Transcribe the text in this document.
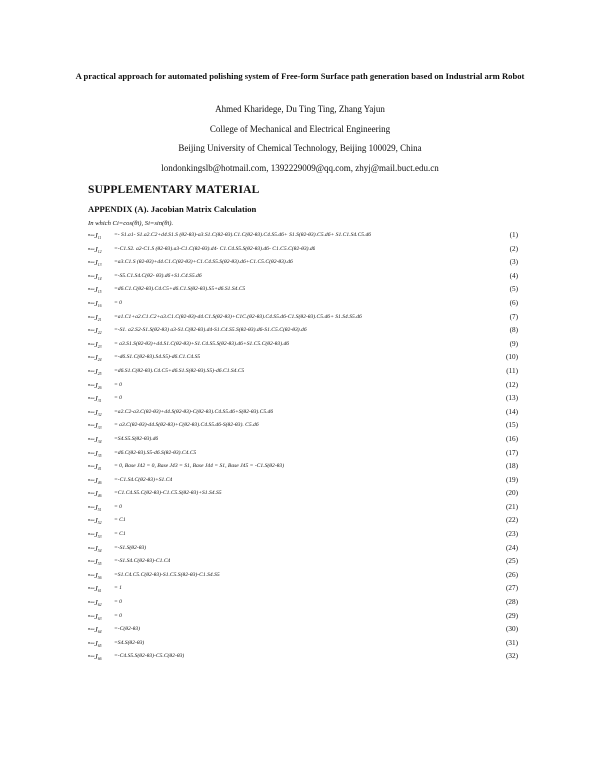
A practical approach for automated polishing system of Free-form Surface path generation based on Industrial arm Robot
Ahmed Kharidege, Du Ting Ting, Zhang Yajun
College of Mechanical and Electrical Engineering
Beijing University of Chemical Technology, Beijing 100029, China
londonkingslb@hotmail.com, 1392229009@qq.com, zhyj@mail.buct.edu.cn
SUPPLEMENTARY MATERIAL
APPENDIX (A). Jacobian Matrix Calculation
In which Ci=cos(θi), Si=sin(θi).
$^{Base}J_{11} =- S1.a1-$ S1.a2.C2+d4.S1.S (θ2-θ3)-a3.S1.C(θ2-θ3).C1.C(θ2-θ3).C4.S5.d6+ S1.S(θ2-θ3).C5.d6+ S1.C1.S4.C5.d6	(1)
$^{Base}J_{12} =-C1.S2$. a2-C1.S (θ2-θ3).a3-C1.C(θ2-θ3).d4- C1.C4.S5.S(θ2-θ3).d6- C1.C5.C(θ2-θ3).d6	(2)
$^{Base}J_{13} =a3.C1.S$ (θ2-θ3)+d4.C1.C(θ2-θ3)+C1.C4.S5.S(θ2-θ3).d6+C1.C5.C(θ2-θ3).d6	(3)
$^{Base}J_{14} =-S5.C1.S4.C(\theta 2-$ θ3).d6+S1.C4.S5.d6	(4)
$^{Base}J_{15} =d6.C1.C(\theta 2-\theta 3).C4.C5+d6.C1.S(\theta 2-\theta 3).S5+d6.S1.S4.C5$	(5)
$^{Base}J_{16} = 0$	(6)
$^{Base}J_{21} =a1.C1+a2.C1.C2+a3.C1.C(\theta 2-\theta 3)-d4.C1.S(\theta 2-\theta 3)+C1C.(\theta 2-\theta 3).C4.S5.d6-C1.S(\theta 2-\theta 3).C5.d6+ S1.S4.S5.d6$	(7)
$^{Base}J_{22} =-S1$. a2.S2-S1.S(θ2-θ3) a3-S1.C(θ2-θ3).d4-S1.C4.S5.S(θ2-θ3).d6-S1.C5.C(θ2-θ3).d6	(8)
$^{Base}J_{23} = a3.S1.S(\theta 2-\theta 3)+d4.S1.C(\theta 2-\theta 3)+S1.C4.S5.S(\theta 2-\theta 3).d6+S1.C5.C(\theta 2-\theta 3).d6$	(9)
$^{Base}J_{24} =-d6.S1.C(\theta 2-\theta 3).S4.S5)-d6.C1.C4.S5$	(10)
$^{Base}J_{25} =d6.S1.C(\theta 2-\theta 3).C4.C5+d6.S1.S(\theta 2-\theta 3).S5)-d6.C1.S4.C5$	(11)
$^{Base}J_{26} = 0$	(12)
$^{Base}J_{31} = 0$	(13)
$^{Base}J_{32} =a2.C2-a3.C(\theta 2-\theta 3)+d4.S(\theta 2-\theta 3)-C(\theta 2-\theta 3).C4.S5.d6+S(\theta 2-\theta 3).C5.d6$	(14)
$^{Base}J_{33} = a3.C(\theta 2-\theta 3)-d4.S(\theta 2-\theta 3)+C(\theta 2-\theta 3).C4.S5.d6-S(\theta 2-\theta 3)$. C5.d6	(15)
$^{Base}J_{34} =S4.S5.S(\theta 2-\theta 3).d6$	(16)
$^{Base}J_{35} =d6.C(\theta 2-\theta 3).S5-d6.S(\theta 2-\theta 3).C4.C5$	(17)
$^{Base}J_{41} = 0$, Base J42 = 0, Base J43 = S1, Base J44 = S1, Base J45 = -C1.S(θ2-θ3)	(18)
$^{Base}J_{46} =-C1.S4.C(\theta 2-\theta 3)+S1.C4$	(19)
$^{Base}J_{46} =C1.C4.S5.C(\theta 2-\theta 3)-C1.C5.S(\theta 2-\theta 3)+S1.S4.S5$	(20)
$^{Base}J_{51} = 0$	(21)
$^{Base}J_{52} = C1$	(22)
$^{Base}J_{53} = C1$	(23)
$^{Base}J_{54} =-S1.S(\theta 2-\theta 3)$	(24)
$^{Base}J_{55} =-S1.S4.C(\theta 2-\theta 3)-C1.C4$	(25)
$^{Base}J_{56} =S1.C4.C5.C(\theta 2-\theta 3)-S1.C5.S(\theta 2-\theta 3)-C1.S4.S5$	(26)
$^{Base}J_{61} = 1$	(27)
$^{Base}J_{62} = 0$	(28)
$^{Base}J_{63} = 0$	(29)
$^{Base}J_{64} =-C(\theta 2-\theta 3)$	(30)
$^{Base}J_{65} =S4.S(\theta 2-\theta 3)$	(31)
$^{Base}J_{66} =-C4.S5.S(\theta 2-\theta 3)-C5.C(\theta 2-\theta 3)$	(32)
